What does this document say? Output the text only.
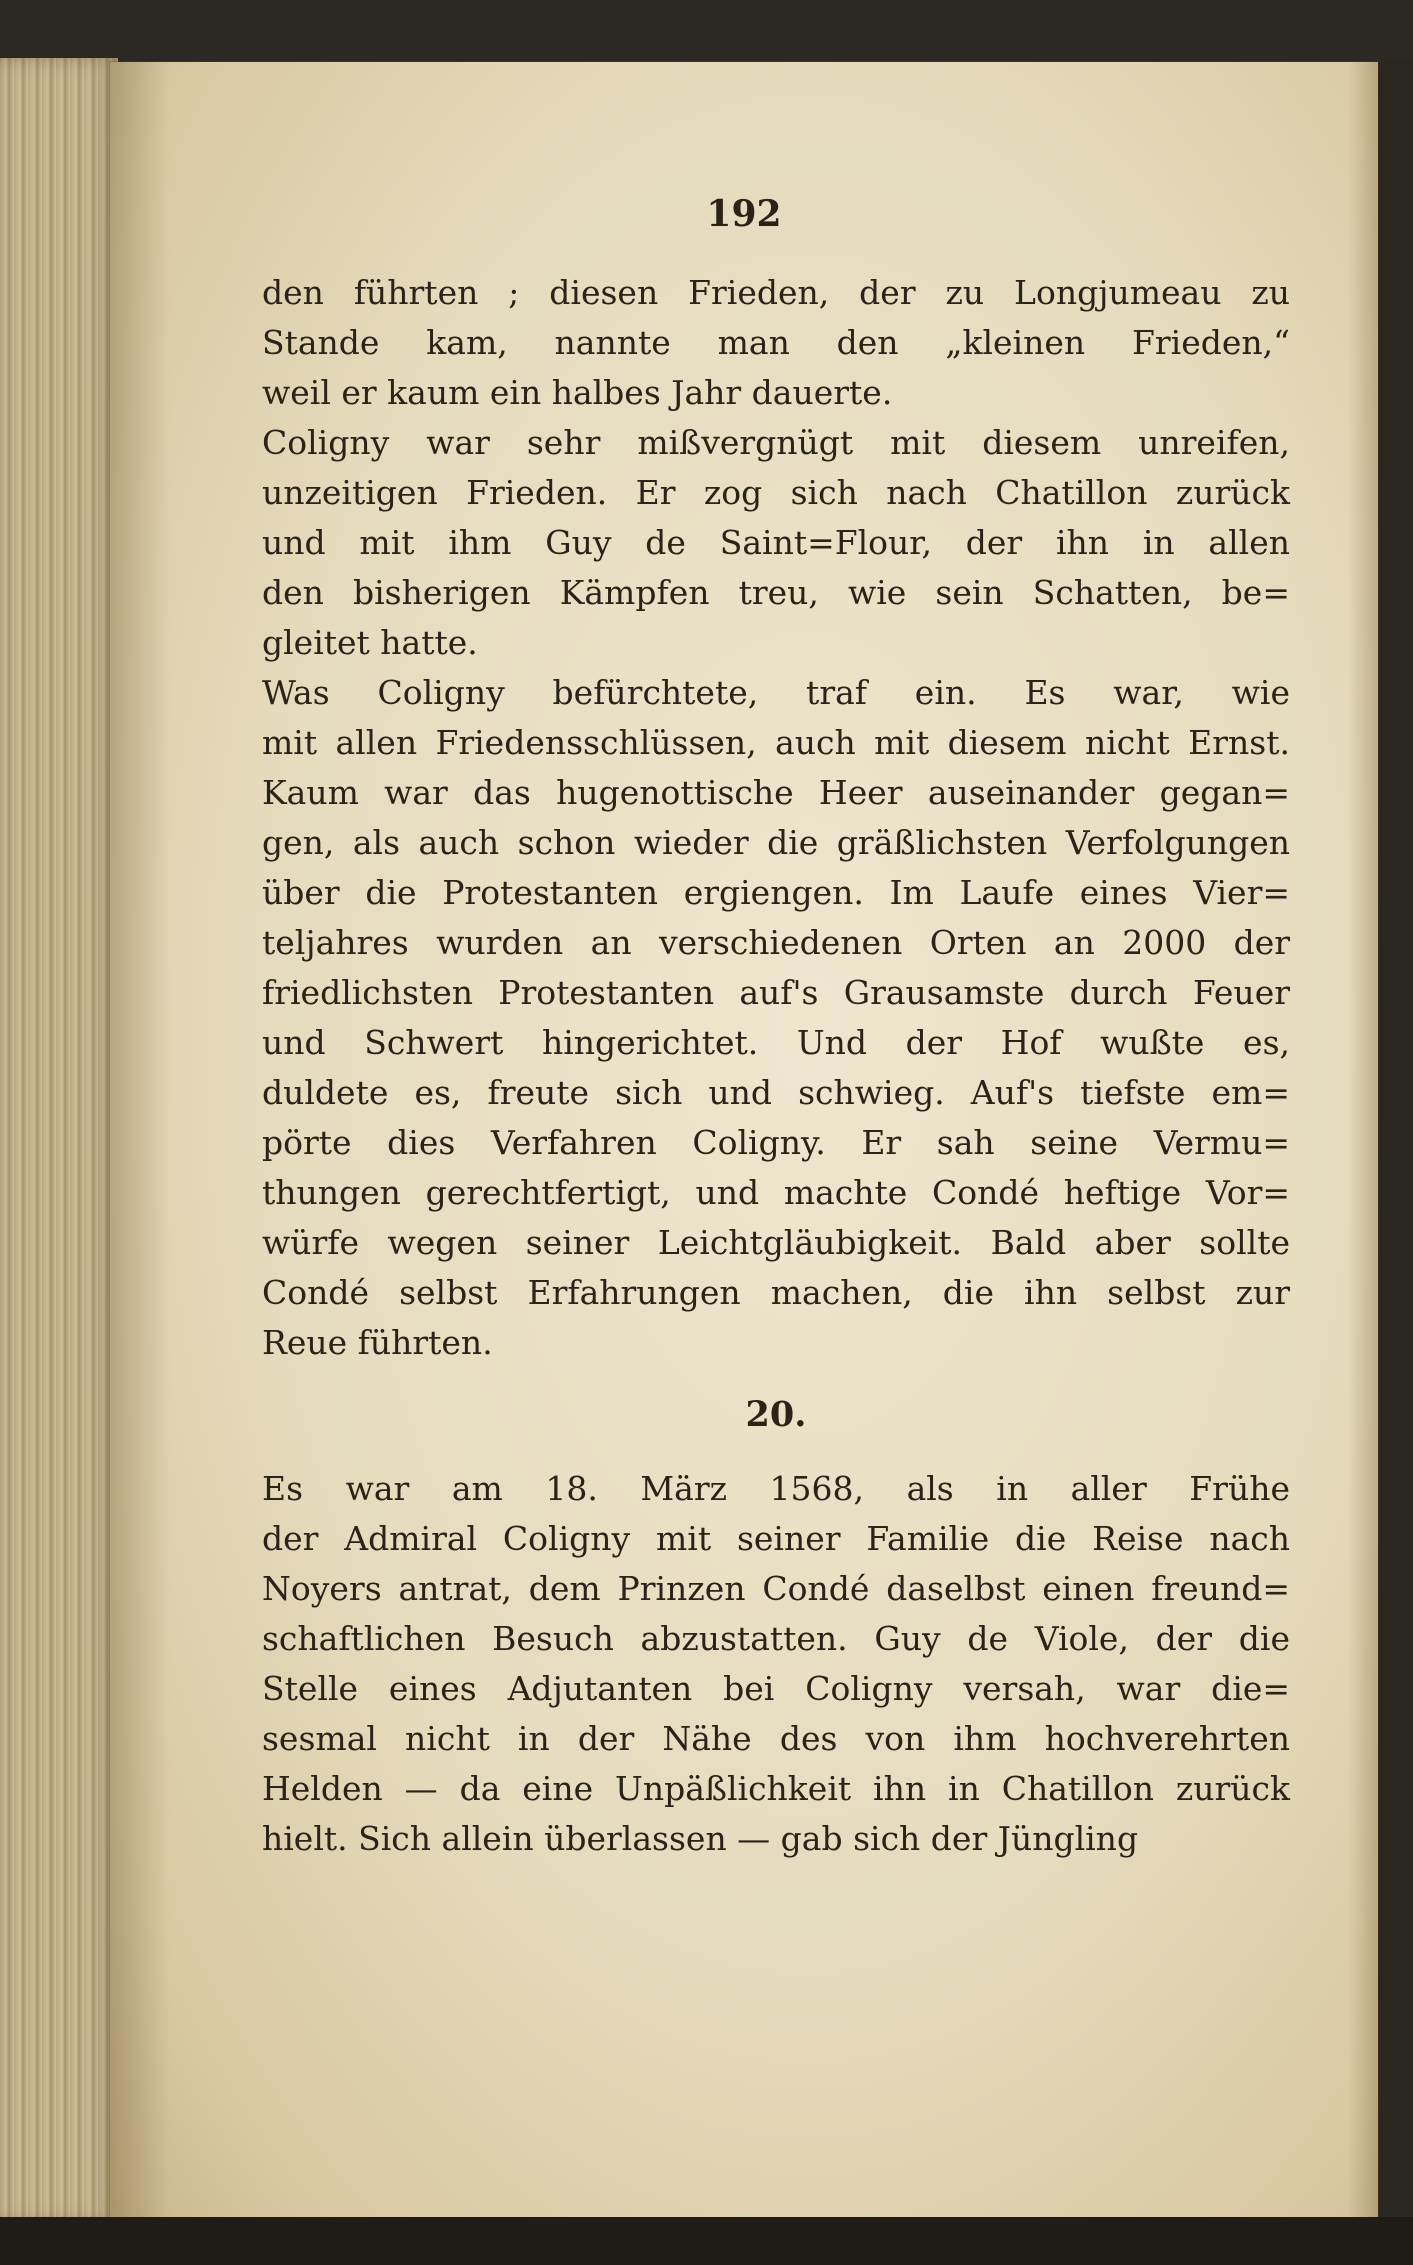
192
den führten ; diesen Frieden, der zu Longjumeau zu
Stande kam, nannte man den „kleinen Frieden,“
weil er kaum ein halbes Jahr dauerte.
Coligny war sehr mißvergnügt mit diesem unreifen,
unzeitigen Frieden. Er zog sich nach Chatillon zurück
und mit ihm Guy de Saint=Flour, der ihn in allen
den bisherigen Kämpfen treu, wie sein Schatten, be=
gleitet hatte.
Was Coligny befürchtete, traf ein. Es war, wie
mit allen Friedensschlüssen, auch mit diesem nicht Ernst.
Kaum war das hugenottische Heer auseinander gegan=
gen, als auch schon wieder die gräßlichsten Verfolgungen
über die Protestanten ergiengen. Im Laufe eines Vier=
teljahres wurden an verschiedenen Orten an 2000 der
friedlichsten Protestanten auf's Grausamste durch Feuer
und Schwert hingerichtet. Und der Hof wußte es,
duldete es, freute sich und schwieg. Auf's tiefste em=
pörte dies Verfahren Coligny. Er sah seine Vermu=
thungen gerechtfertigt, und machte Condé heftige Vor=
würfe wegen seiner Leichtgläubigkeit. Bald aber sollte
Condé selbst Erfahrungen machen, die ihn selbst zur
Reue führten.
20.
Es war am 18. März 1568, als in aller Frühe
der Admiral Coligny mit seiner Familie die Reise nach
Noyers antrat, dem Prinzen Condé daselbst einen freund=
schaftlichen Besuch abzustatten. Guy de Viole, der die
Stelle eines Adjutanten bei Coligny versah, war die=
sesmal nicht in der Nähe des von ihm hochverehrten
Helden — da eine Unpäßlichkeit ihn in Chatillon zurück
hielt. Sich allein überlassen — gab sich der Jüngling
